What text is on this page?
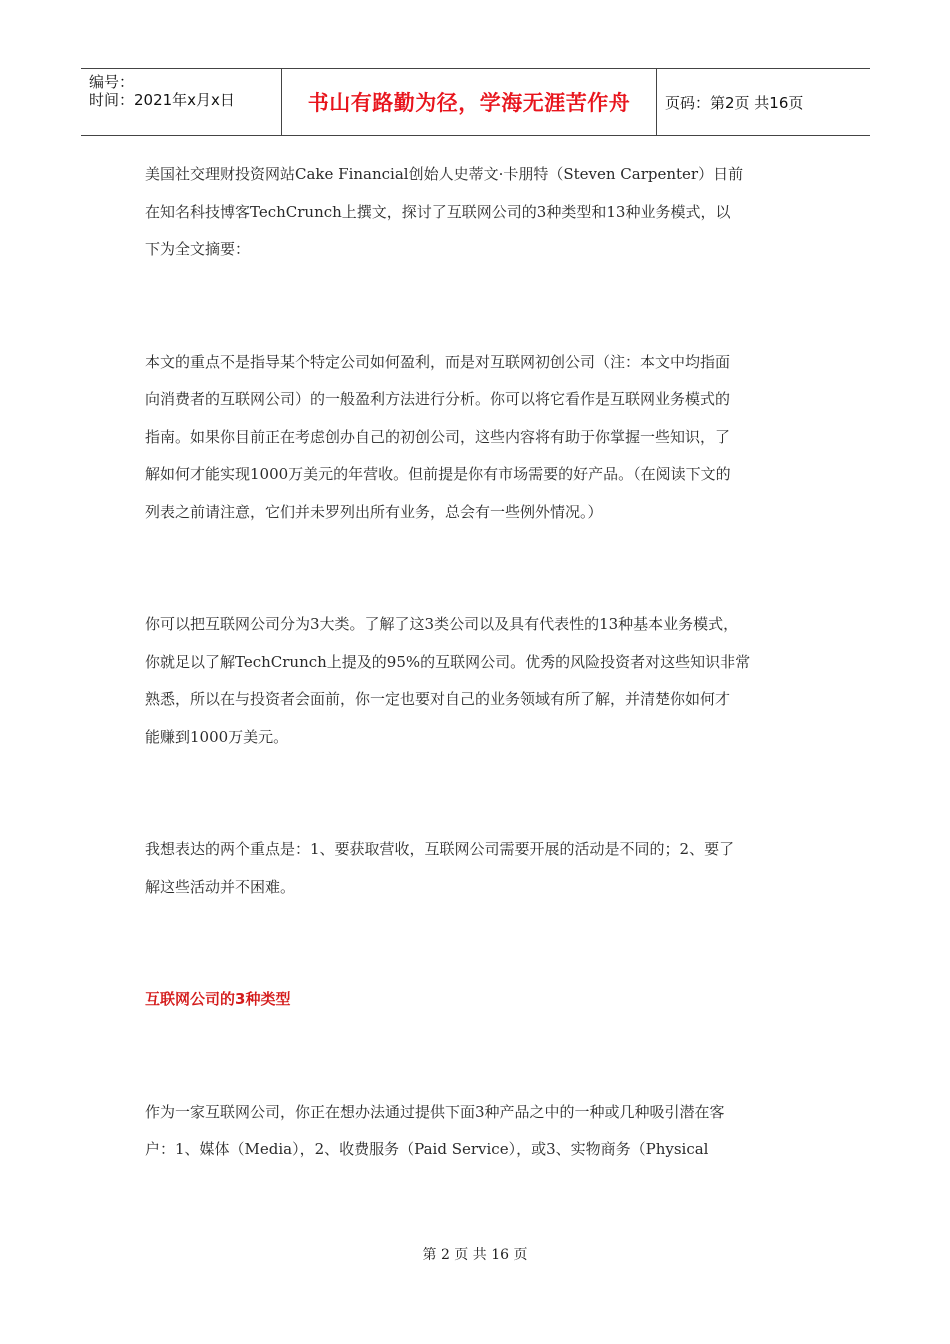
编号：
时间：2021年x月x日	书山有路勤为径，学海无涯苦作舟	页码：第2页 共16页

美国社交理财投资网站Cake Financial创始人史蒂文·卡朋特（Steven Carpenter）日前

在知名科技博客TechCrunch上撰文，探讨了互联网公司的3种类型和13种业务模式，以

下为全文摘要：

本文的重点不是指导某个特定公司如何盈利，而是对互联网初创公司（注：本文中均指面

向消费者的互联网公司）的一般盈利方法进行分析。你可以将它看作是互联网业务模式的

指南。如果你目前正在考虑创办自己的初创公司，这些内容将有助于你掌握一些知识，了

解如何才能实现1000万美元的年营收。但前提是你有市场需要的好产品。（在阅读下文的

列表之前请注意，它们并未罗列出所有业务，总会有一些例外情况。）

你可以把互联网公司分为3大类。了解了这3类公司以及具有代表性的13种基本业务模式，

你就足以了解TechCrunch上提及的95%的互联网公司。优秀的风险投资者对这些知识非常

熟悉，所以在与投资者会面前，你一定也要对自己的业务领域有所了解，并清楚你如何才

能赚到1000万美元。

我想表达的两个重点是：1、要获取营收，互联网公司需要开展的活动是不同的；2、要了

解这些活动并不困难。

互联网公司的3种类型

作为一家互联网公司，你正在想办法通过提供下面3种产品之中的一种或几种吸引潜在客

户：1、媒体（Media），2、收费服务（Paid Service），或3、实物商务（Physical

第 2 页 共 16 页
